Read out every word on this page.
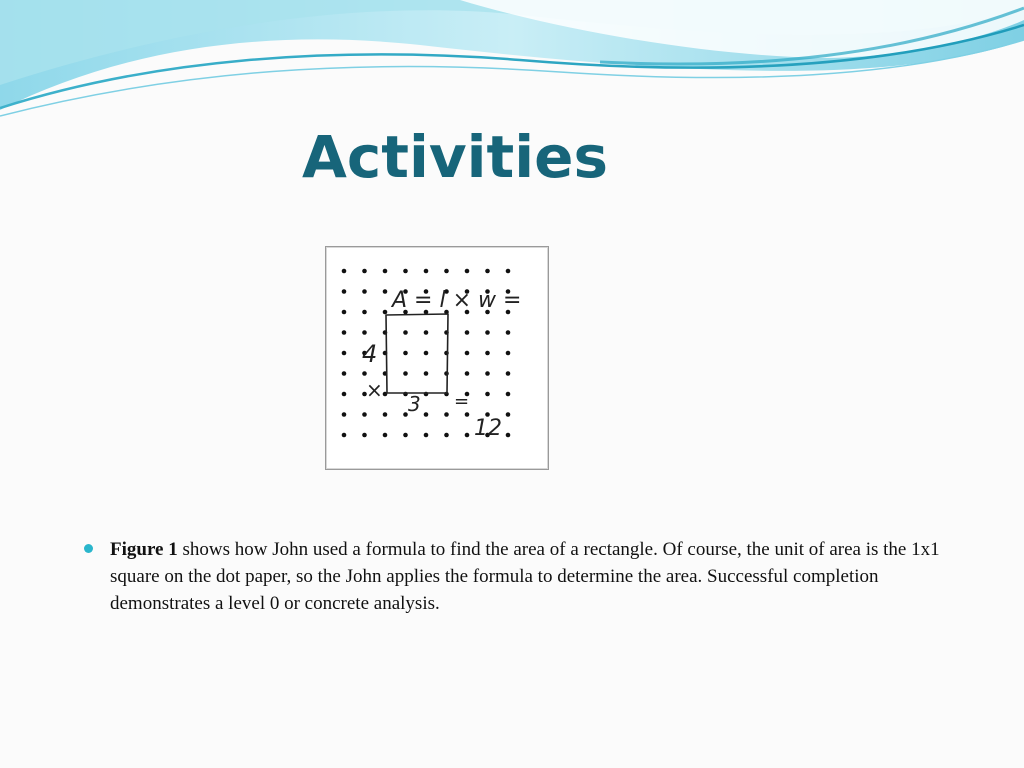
Activities
A = l × w =
4
×
3 =
12

Figure 1 shows how John used a formula to find the area of a rectangle. Of course, the unit of area is the 1x1 square on the dot paper, so the John applies the formula to determine the area. Successful completion demonstrates a level 0 or concrete analysis.
